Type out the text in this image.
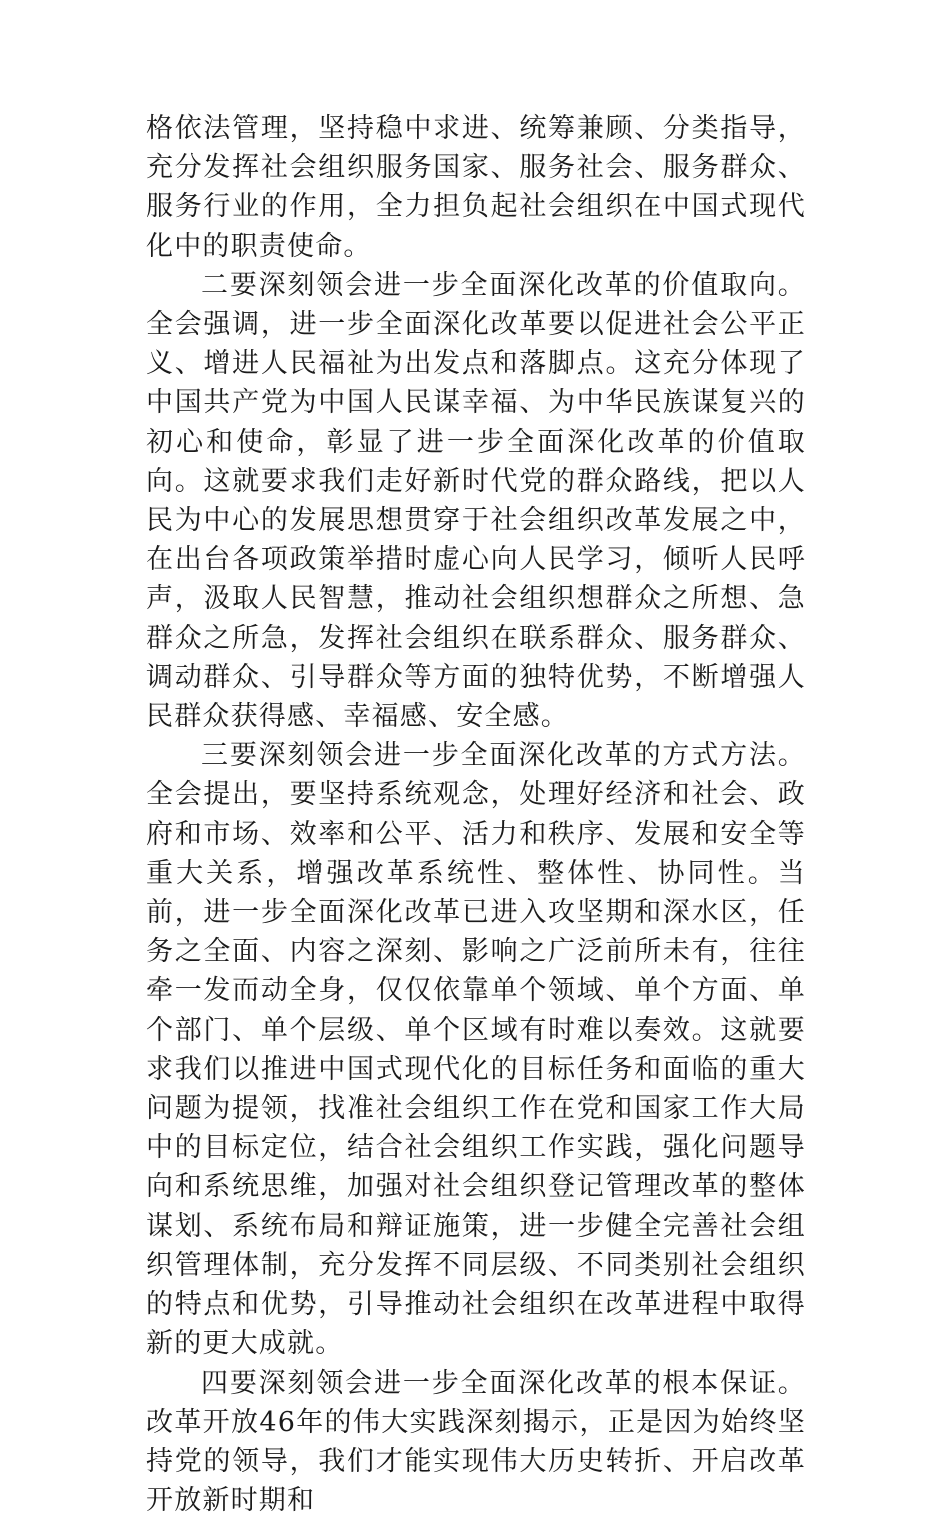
格依法管理，坚持稳中求进、统筹兼顾、分类指导，充分发挥社会组织服务国家、服务社会、服务群众、服务行业的作用，全力担负起社会组织在中国式现代化中的职责使命。

二要深刻领会进一步全面深化改革的价值取向。全会强调，进一步全面深化改革要以促进社会公平正义、增进人民福祉为出发点和落脚点。这充分体现了中国共产党为中国人民谋幸福、为中华民族谋复兴的初心和使命，彰显了进一步全面深化改革的价值取向。这就要求我们走好新时代党的群众路线，把以人民为中心的发展思想贯穿于社会组织改革发展之中，在出台各项政策举措时虚心向人民学习，倾听人民呼声，汲取人民智慧，推动社会组织想群众之所想、急群众之所急，发挥社会组织在联系群众、服务群众、调动群众、引导群众等方面的独特优势，不断增强人民群众获得感、幸福感、安全感。

三要深刻领会进一步全面深化改革的方式方法。全会提出，要坚持系统观念，处理好经济和社会、政府和市场、效率和公平、活力和秩序、发展和安全等重大关系，增强改革系统性、整体性、协同性。当前，进一步全面深化改革已进入攻坚期和深水区，任务之全面、内容之深刻、影响之广泛前所未有，往往牵一发而动全身，仅仅依靠单个领域、单个方面、单个部门、单个层级、单个区域有时难以奏效。这就要求我们以推进中国式现代化的目标任务和面临的重大问题为提领，找准社会组织工作在党和国家工作大局中的目标定位，结合社会组织工作实践，强化问题导向和系统思维，加强对社会组织登记管理改革的整体谋划、系统布局和辩证施策，进一步健全完善社会组织管理体制，充分发挥不同层级、不同类别社会组织的特点和优势，引导推动社会组织在改革进程中取得新的更大成就。

四要深刻领会进一步全面深化改革的根本保证。改革开放46年的伟大实践深刻揭示，正是因为始终坚持党的领导，我们才能实现伟大历史转折、开启改革开放新时期和
